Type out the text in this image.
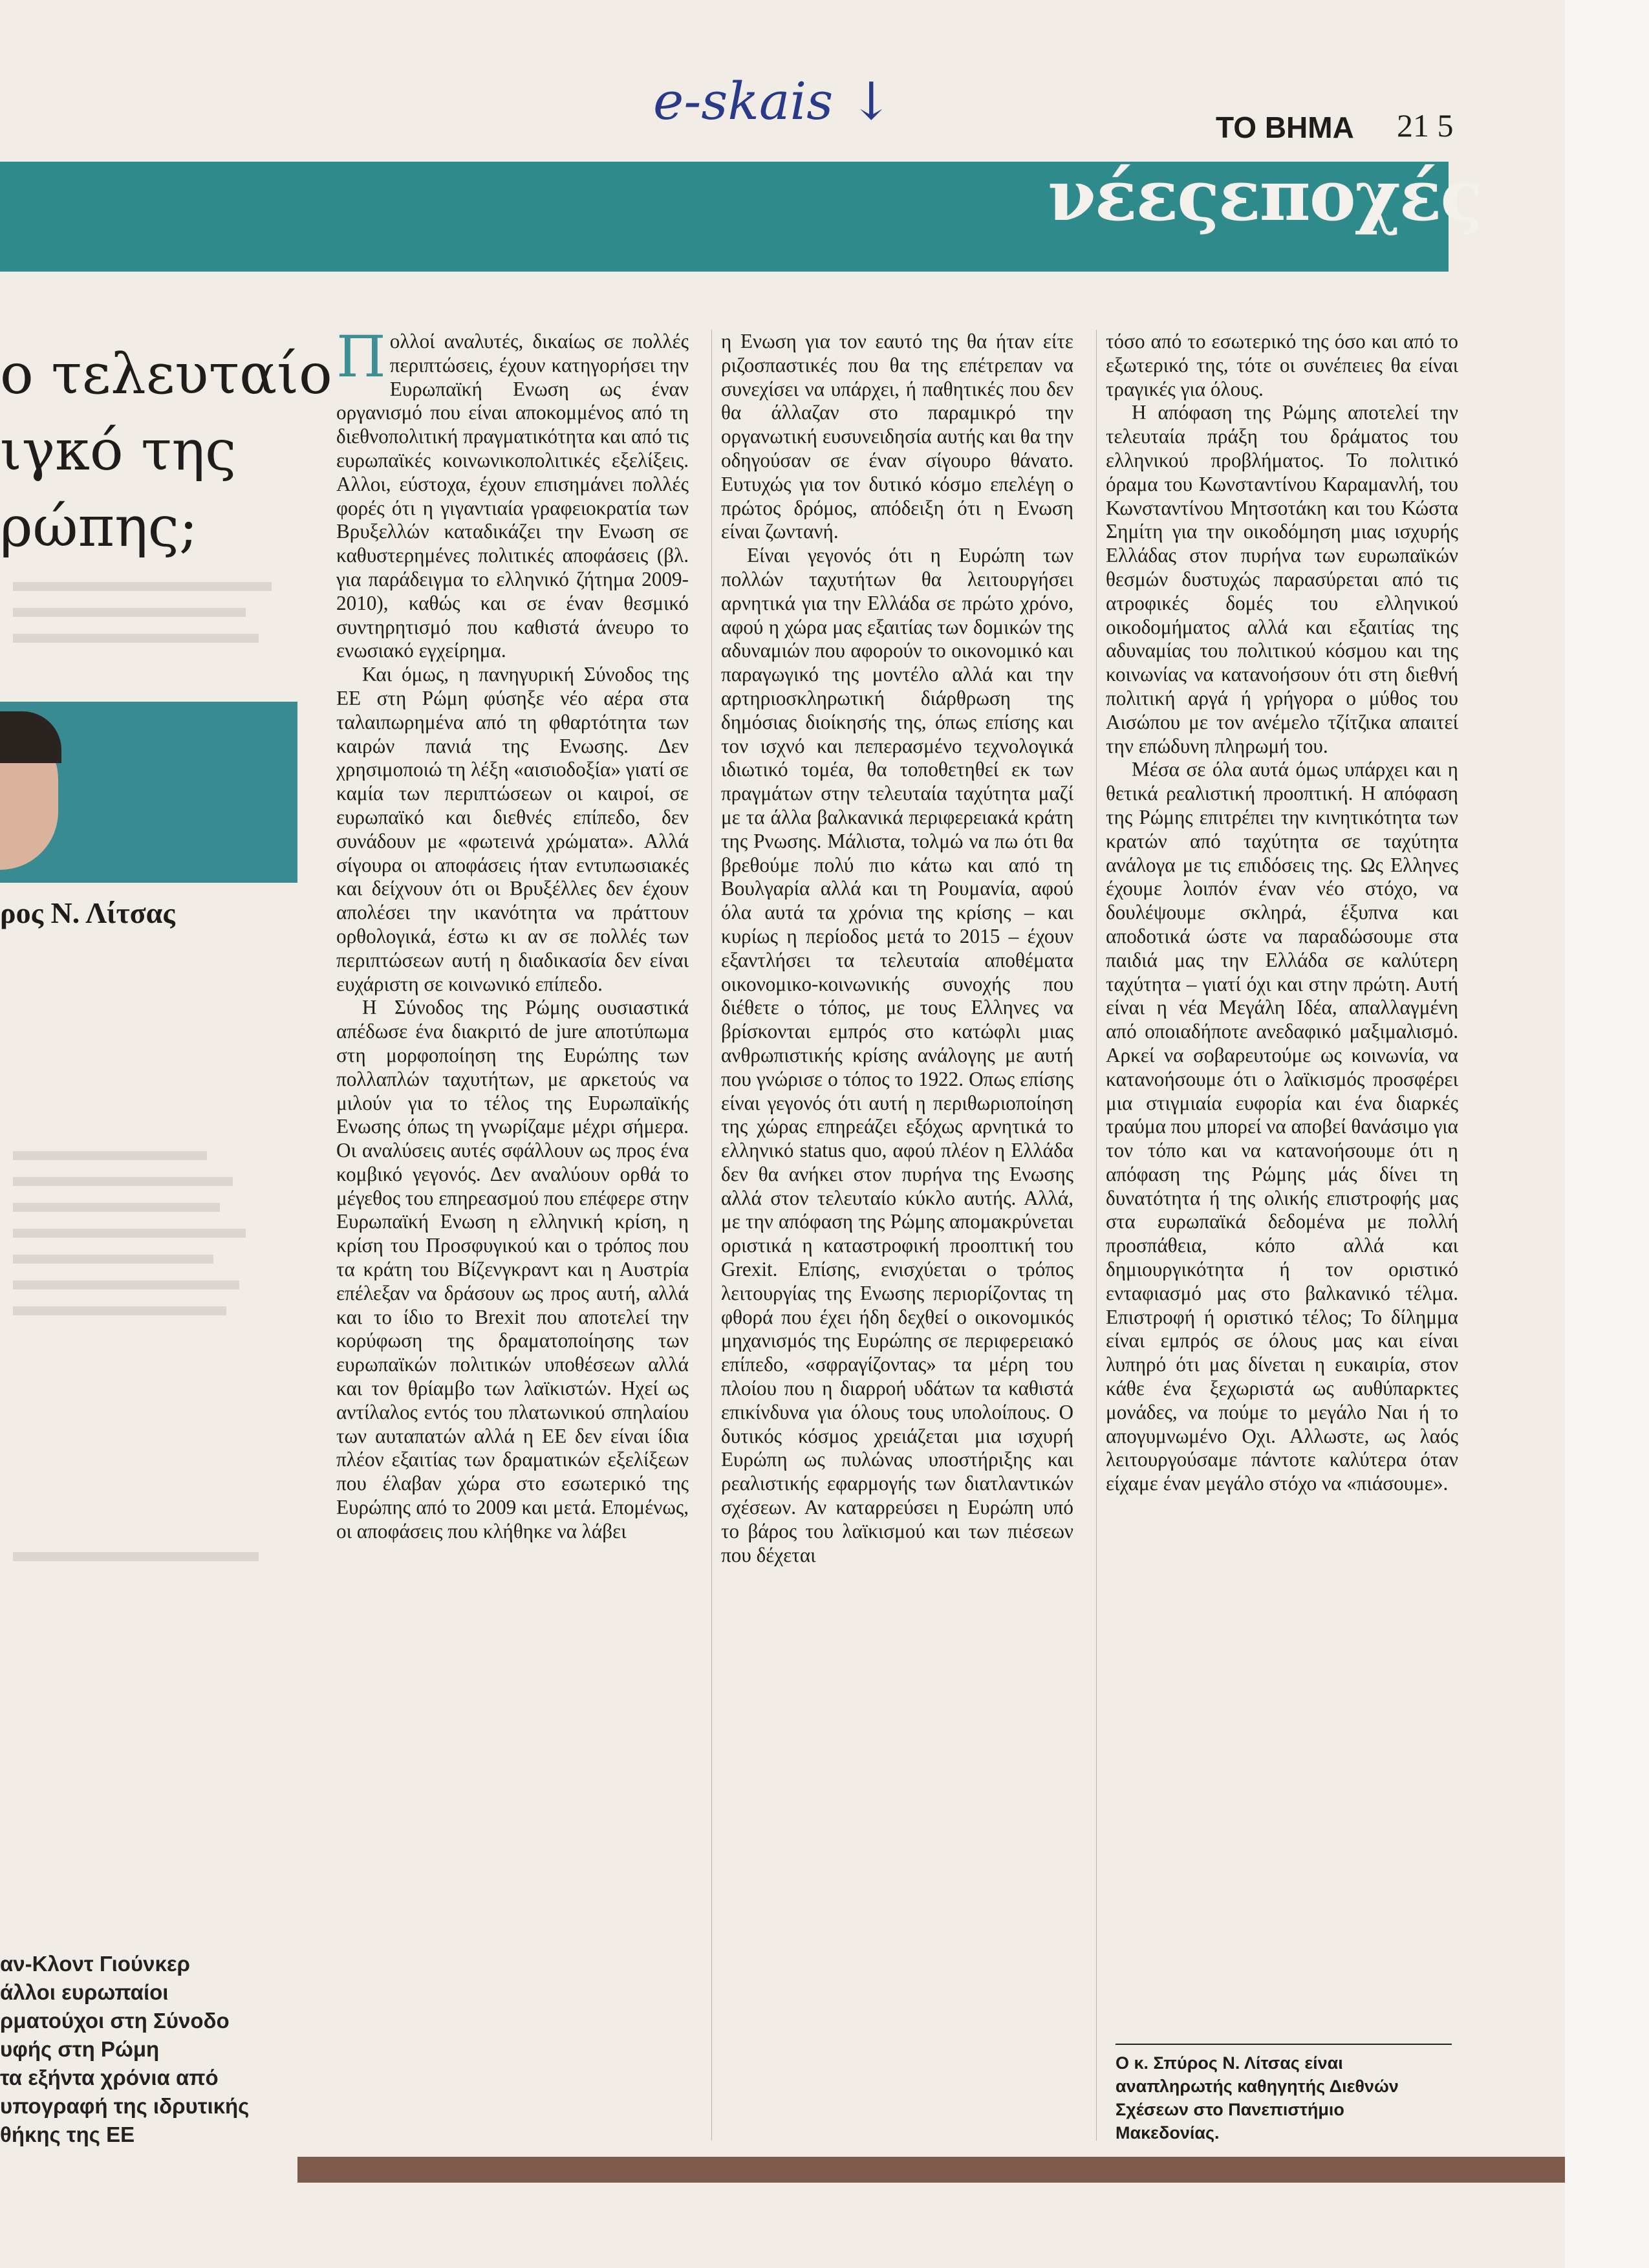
e-skais ↓	ΤΟ ΒΗΜΑ 21 5
νέεςεποχές
ο τελευταίο
ιγκό της
ρώπης;
ρος Ν. Λίτσας
αν-Κλοντ Γιούνκερ
άλλοι ευρωπαίοι
ρματούχοι στη Σύνοδο
υφής στη Ρώμη
τα εξήντα χρόνια από
υπογραφή της ιδρυτικής
θήκης της ΕΕ

Πολλοί αναλυτές, δικαίως σε πολλές περιπτώσεις, έχουν κατηγορήσει την Ευρωπαϊκή Ενωση ως έναν οργανισμό που είναι αποκομμένος από τη διεθνοπολιτική πραγματικότητα και από τις ευρωπαϊκές κοινωνικοπολιτικές εξελίξεις. Αλλοι, εύστοχα, έχουν επισημάνει πολλές φορές ότι η γιγαντιαία γραφειοκρατία των Βρυξελλών καταδικάζει την Ενωση σε καθυστερημένες πολιτικές αποφάσεις (βλ. για παράδειγμα το ελληνικό ζήτημα 2009-2010), καθώς και σε έναν θεσμικό συντηρητισμό που καθιστά άνευρο το ενωσιακό εγχείρημα.

Και όμως, η πανηγυρική Σύνοδος της ΕΕ στη Ρώμη φύσηξε νέο αέρα στα ταλαιπωρημένα από τη φθαρτότητα των καιρών πανιά της Ενωσης. Δεν χρησιμοποιώ τη λέξη «αισιοδοξία» γιατί σε καμία των περιπτώσεων οι καιροί, σε ευρωπαϊκό και διεθνές επίπεδο, δεν συνάδουν με «φωτεινά χρώματα». Αλλά σίγουρα οι αποφάσεις ήταν εντυπωσιακές και δείχνουν ότι οι Βρυξέλλες δεν έχουν απολέσει την ικανότητα να πράττουν ορθολογικά, έστω κι αν σε πολλές των περιπτώσεων αυτή η διαδικασία δεν είναι ευχάριστη σε κοινωνικό επίπεδο.

Η Σύνοδος της Ρώμης ουσιαστικά απέδωσε ένα διακριτό de jure αποτύπωμα στη μορφοποίηση της Ευρώπης των πολλαπλών ταχυτήτων, με αρκετούς να μιλούν για το τέλος της Ευρωπαϊκής Ενωσης όπως τη γνωρίζαμε μέχρι σήμερα. Οι αναλύσεις αυτές σφάλλουν ως προς ένα κομβικό γεγονός. Δεν αναλύουν ορθά το μέγεθος του επηρεασμού που επέφερε στην Ευρωπαϊκή Ενωση η ελληνική κρίση, η κρίση του Προσφυγικού και ο τρόπος που τα κράτη του Βίζενγκραντ και η Αυστρία επέλεξαν να δράσουν ως προς αυτή, αλλά και το ίδιο το Brexit που αποτελεί την κορύφωση της δραματοποίησης των ευρωπαϊκών πολιτικών υποθέσεων αλλά και τον θρίαμβο των λαϊκιστών. Ηχεί ως αντίλαλος εντός του πλατωνικού σπηλαίου των αυταπατών αλλά η ΕΕ δεν είναι ίδια πλέον εξαιτίας των δραματικών εξελίξεων που έλαβαν χώρα στο εσωτερικό της Ευρώπης από το 2009 και μετά. Επομένως, οι αποφάσεις που κλήθηκε να λάβει

η Ενωση για τον εαυτό της θα ήταν είτε ριζοσπαστικές που θα της επέτρεπαν να συνεχίσει να υπάρχει, ή παθητικές που δεν θα άλλαζαν στο παραμικρό την οργανωτική ευσυνειδησία αυτής και θα την οδηγούσαν σε έναν σίγουρο θάνατο. Ευτυχώς για τον δυτικό κόσμο επελέγη ο πρώτος δρόμος, απόδειξη ότι η Ενωση είναι ζωντανή.

Είναι γεγονός ότι η Ευρώπη των πολλών ταχυτήτων θα λειτουργήσει αρνητικά για την Ελλάδα σε πρώτο χρόνο, αφού η χώρα μας εξαιτίας των δομικών της αδυναμιών που αφορούν το οικονομικό και παραγωγικό της μοντέλο αλλά και την αρτηριοσκληρωτική διάρθρωση της δημόσιας διοίκησής της, όπως επίσης και τον ισχνό και πεπερασμένο τεχνολογικά ιδιωτικό τομέα, θα τοποθετηθεί εκ των πραγμάτων στην τελευταία ταχύτητα μαζί με τα άλλα βαλκανικά περιφερειακά κράτη της Ρνωσης. Μάλιστα, τολμώ να πω ότι θα βρεθούμε πολύ πιο κάτω και από τη Βουλγαρία αλλά και τη Ρουμανία, αφού όλα αυτά τα χρόνια της κρίσης – και κυρίως η περίοδος μετά το 2015 – έχουν εξαντλήσει τα τελευταία αποθέματα οικονομικο-κοινωνικής συνοχής που διέθετε ο τόπος, με τους Ελληνες να βρίσκονται εμπρός στο κατώφλι μιας ανθρωπιστικής κρίσης ανάλογης με αυτή που γνώρισε ο τόπος το 1922. Οπως επίσης είναι γεγονός ότι αυτή η περιθωριοποίηση της χώρας επηρεάζει εξόχως αρνητικά το ελληνικό status quo, αφού πλέον η Ελλάδα δεν θα ανήκει στον πυρήνα της Ενωσης αλλά στον τελευταίο κύκλο αυτής. Αλλά, με την απόφαση της Ρώμης απομακρύνεται οριστικά η καταστροφική προοπτική του Grexit. Επίσης, ενισχύεται ο τρόπος λειτουργίας της Ενωσης περιορίζοντας τη φθορά που έχει ήδη δεχθεί ο οικονομικός μηχανισμός της Ευρώπης σε περιφερειακό επίπεδο, «σφραγίζοντας» τα μέρη του πλοίου που η διαρροή υδάτων τα καθιστά επικίνδυνα για όλους τους υπολοίπους. Ο δυτικός κόσμος χρειάζεται μια ισχυρή Ευρώπη ως πυλώνας υποστήριξης και ρεαλιστικής εφαρμογής των διατλαντικών σχέσεων. Αν καταρρεύσει η Ευρώπη υπό το βάρος του λαϊκισμού και των πιέσεων που δέχεται

τόσο από το εσωτερικό της όσο και από το εξωτερικό της, τότε οι συνέπειες θα είναι τραγικές για όλους.

Η απόφαση της Ρώμης αποτελεί την τελευταία πράξη του δράματος του ελληνικού προβλήματος. Το πολιτικό όραμα του Κωνσταντίνου Καραμανλή, του Κωνσταντίνου Μητσοτάκη και του Κώστα Σημίτη για την οικοδόμηση μιας ισχυρής Ελλάδας στον πυρήνα των ευρωπαϊκών θεσμών δυστυχώς παρασύρεται από τις ατροφικές δομές του ελληνικού οικοδομήματος αλλά και εξαιτίας της αδυναμίας του πολιτικού κόσμου και της κοινωνίας να κατανοήσουν ότι στη διεθνή πολιτική αργά ή γρήγορα ο μύθος του Αισώπου με τον ανέμελο τζίτζικα απαιτεί την επώδυνη πληρωμή του.

Μέσα σε όλα αυτά όμως υπάρχει και η θετικά ρεαλιστική προοπτική. Η απόφαση της Ρώμης επιτρέπει την κινητικότητα των κρατών από ταχύτητα σε ταχύτητα ανάλογα με τις επιδόσεις της. Ως Ελληνες έχουμε λοιπόν έναν νέο στόχο, να δουλέψουμε σκληρά, έξυπνα και αποδοτικά ώστε να παραδώσουμε στα παιδιά μας την Ελλάδα σε καλύτερη ταχύτητα – γιατί όχι και στην πρώτη. Αυτή είναι η νέα Μεγάλη Ιδέα, απαλλαγμένη από οποιαδήποτε ανεδαφικό μαξιμαλισμό. Αρκεί να σοβαρευτούμε ως κοινωνία, να κατανοήσουμε ότι ο λαϊκισμός προσφέρει μια στιγμιαία ευφορία και ένα διαρκές τραύμα που μπορεί να αποβεί θανάσιμο για τον τόπο και να κατανοήσουμε ότι η απόφαση της Ρώμης μάς δίνει τη δυνατότητα ή της ολικής επιστροφής μας στα ευρωπαϊκά δεδομένα με πολλή προσπάθεια, κόπο αλλά και δημιουργικότητα ή τον οριστικό ενταφιασμό μας στο βαλκανικό τέλμα. Επιστροφή ή οριστικό τέλος; Το δίλημμα είναι εμπρός σε όλους μας και είναι λυπηρό ότι μας δίνεται η ευκαιρία, στον κάθε ένα ξεχωριστά ως αυθύπαρκτες μονάδες, να πούμε το μεγάλο Ναι ή το απογυμνωμένο Οχι. Αλλωστε, ως λαός λειτουργούσαμε πάντοτε καλύτερα όταν είχαμε έναν μεγάλο στόχο να «πιάσουμε».

Ο κ. Σπύρος Ν. Λίτσας είναι αναπληρωτής καθηγητής Διεθνών Σχέσεων στο Πανεπιστήμιο Μακεδονίας.
